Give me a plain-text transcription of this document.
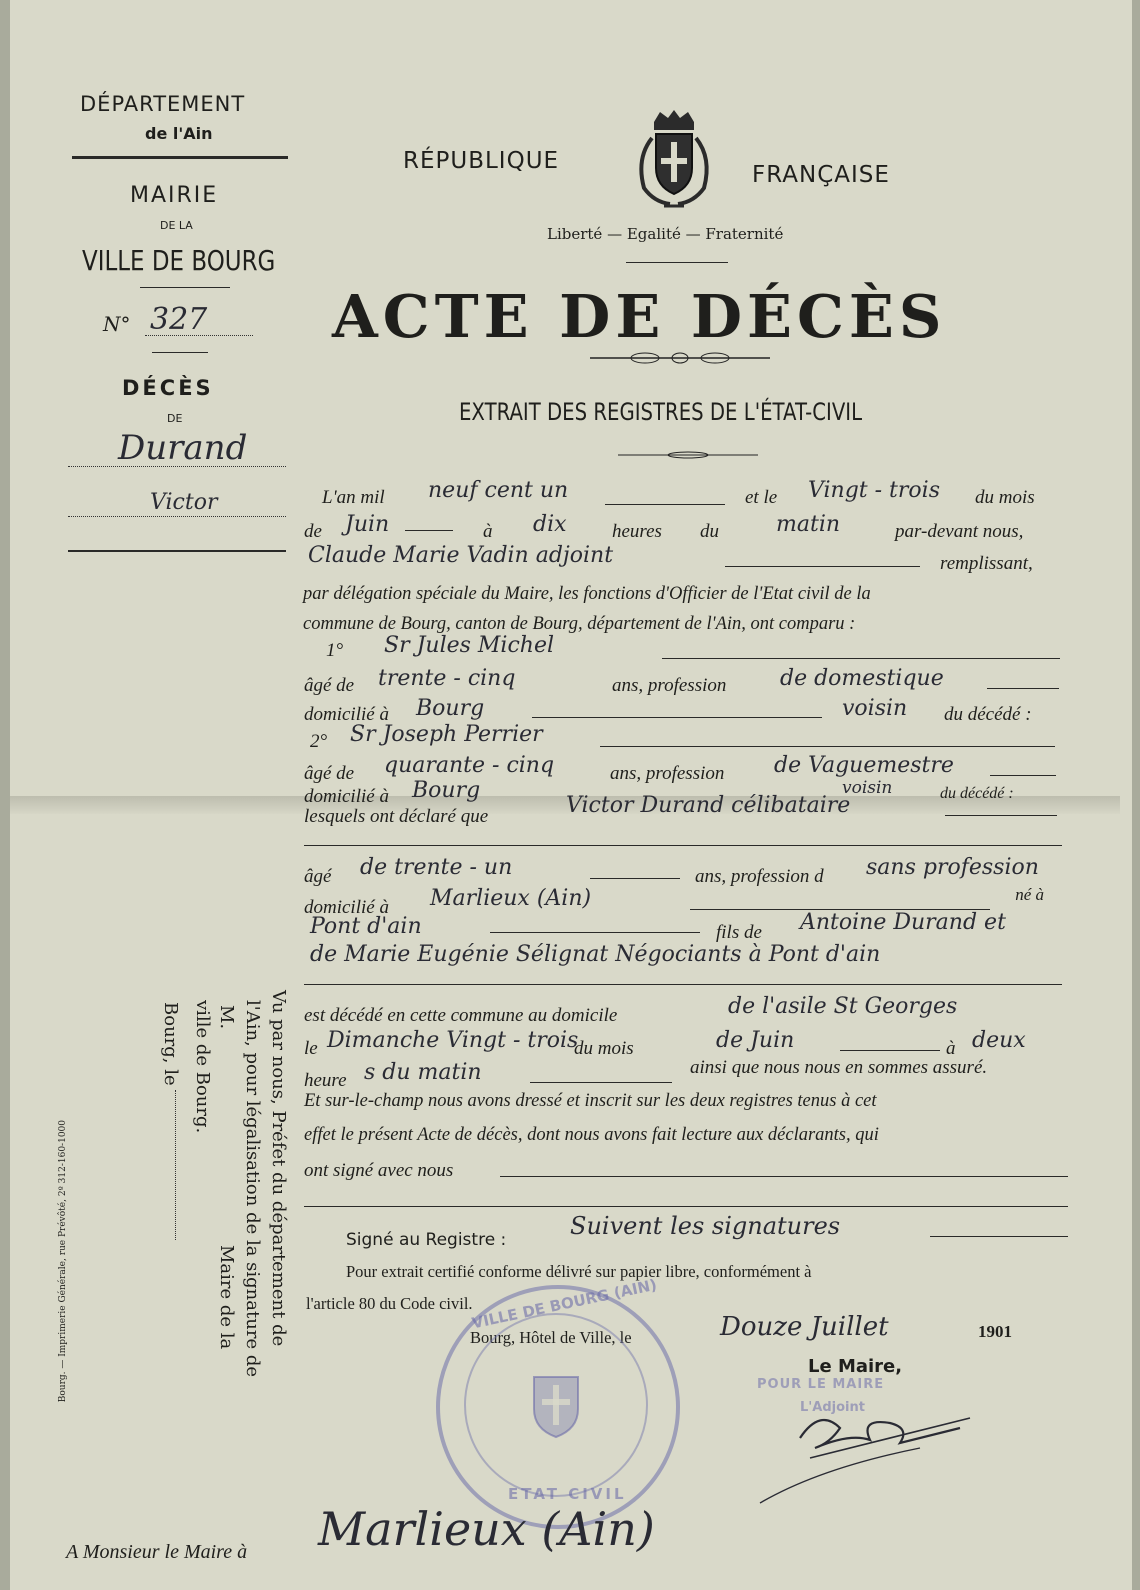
DÉPARTEMENT
de l'Ain
MAIRIE
DE LA
VILLE DE BOURG
N° 327
DÉCÈS
DE
Durand
Victor
RÉPUBLIQUE
FRANÇAISE
Liberté — Egalité — Fraternité
ACTE DE DÉCÈS
EXTRAIT DES REGISTRES DE L'ÉTAT-CIVIL
L'an mil neuf cent un	et le Vingt - trois du mois
de Juin	à dix heures du	matin	par-devant nous,
Claude Marie Vadin adjoint	remplissant,
par délégation spéciale du Maire, les fonctions d'Officier de l'Etat civil de la
commune de Bourg, canton de Bourg, département de l'Ain, ont comparu :
1° Sr Jules Michel
âgé de trente - cinq	ans, profession de domestique
domicilié à Bourg	voisin du décédé :
2° Sr Joseph Perrier
âgé de quarante - cinq	ans, profession de Vaguemestre
domicilié à Bourg	voisin	du décédé :
lesquels ont déclaré que	Victor Durand célibataire
âgé de trente - un	ans, profession d sans profession
domicilié à Marlieux (Ain)	né à
Pont d'ain	fils de Antoine Durand et
de Marie Eugénie Sélignat Négociants à Pont d'ain
est décédé en cette commune au domicile	de l'asile St Georges
le Dimanche Vingt - trois
du mois	de Juin	à deux
heure s du matin	ainsi que nous nous en sommes assuré.
Et sur-le-champ nous avons dressé et inscrit sur les deux registres tenus à cet
effet le présent Acte de décès, dont nous avons fait lecture aux déclarants, qui
ont signé avec nous
Signé au Registre :	Suivent les signatures
Pour extrait certifié conforme délivré sur papier libre, conformément à
l'article 80 du Code civil.
Bourg, Hôtel de Ville, le	Douze Juillet	1901
Le Maire,
POUR LE MAIRE
L'Adjoint
VILLE DE BOURG (AIN)
ETAT CIVIL
Vu par nous, Préfet du département de
l'Ain, pour légalisation de la signature de
M.
Maire de la
ville de Bourg.
Bourg, le
Bourg. — Imprimerie Générale, rue Prévôté, 2º 312-160-1000
A Monsieur le Maire à Marlieux (Ain)
